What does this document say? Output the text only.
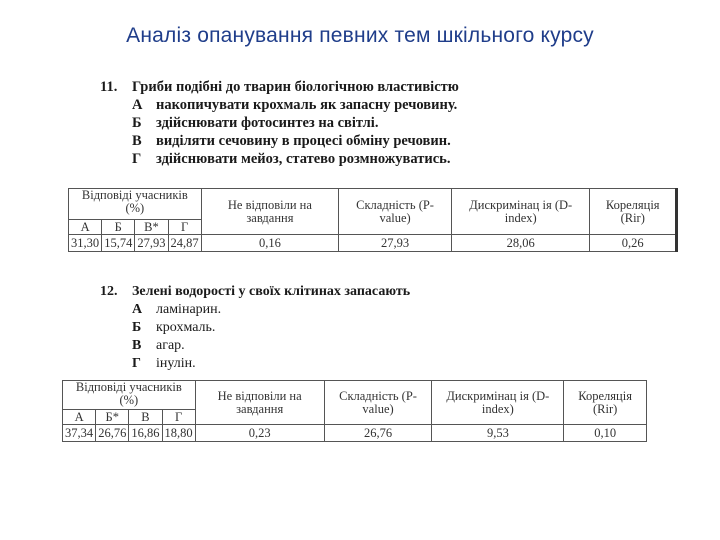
Аналіз опанування певних тем шкільного курсу
11.	Гриби подібні до тварин біологічною властивістю
А накопичувати крохмаль як запасну речовину.
Б здійснювати фотосинтез на світлі.
В виділяти сечовину в процесі обміну речовин.
Г	здійснювати мейоз, статево розмножуватись.
Відповіді учасників (%)				Не відповіли на завдання	Складність (P-value)	Дискримінац ія (D-index)	Кореляція (Rir)
А	Б	В*	Г				
31,30	15,74	27,93	24,87	0,16	27,93	28,06	0,26
12.	Зелені водорості у своїх клітинах запасають
А ламінарин.
Б	крохмаль.
В	агар.
Г	інулін.
Відповіді учасників (%)				Не відповіли на завдання	Складність (P-value)	Дискримінац ія (D-index)	Кореляція (Rir)
А	Б*	В	Г				
37,34	26,76	16,86	18,80	0,23	26,76	9,53	0,10
